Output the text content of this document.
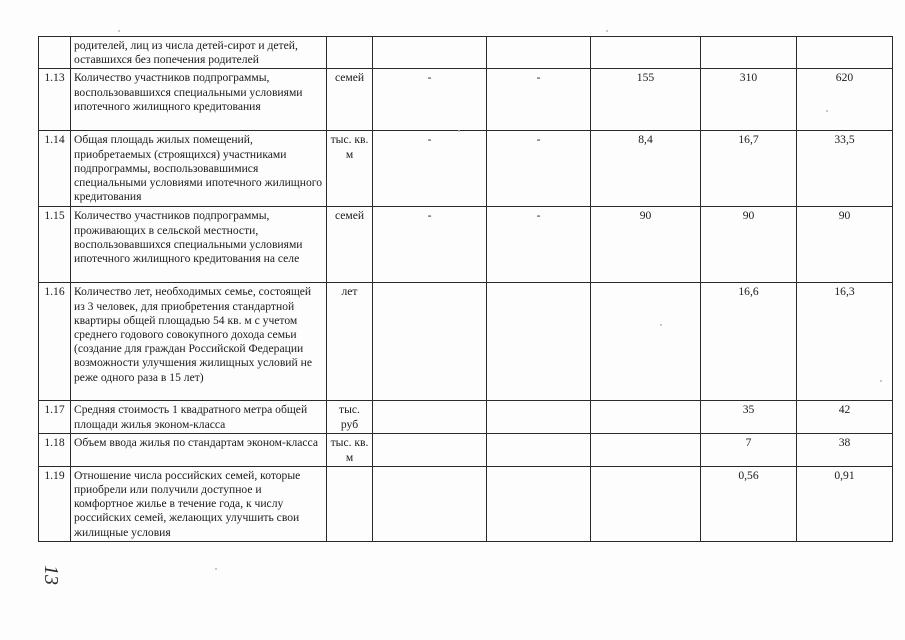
	родителей, лиц из числа детей-сирот и детей, оставшихся без попечения родителей						
1.13	Количество участников подпрограммы, воспользовавшихся специальными условиями ипотечного жилищного кредитования	семей	-	-	155	310	620
1.14	Общая площадь жилых помещений, приобретаемых (строящихся) участниками подпрограммы, воспользовавшимися специальными условиями ипотечного жилищного кредитования	тыс. кв. м	-	-	8,4	16,7	33,5
1.15	Количество участников подпрограммы, проживающих в сельской местности, воспользовавшихся специальными условиями ипотечного жилищного кредитования на селе	семей	-	-	90	90	90
1.16	Количество лет, необходимых семье, состоящей из 3 человек, для приобретения стандартной квартиры общей площадью 54 кв. м с учетом среднего годового совокупного дохода семьи (создание для граждан Российской Федерации возможности улучшения жилищных условий не реже одного раза в 15 лет)	лет				16,6	16,3
1.17	Средняя стоимость 1 квадратного метра общей площади жилья эконом-класса	тыс. руб				35	42
1.18	Объем ввода жилья по стандартам эконом-класса	тыс. кв. м				7	38
1.19	Отношение числа российских семей, которые приобрели или получили доступное и комфортное жилье в течение года, к числу российских семей, желающих улучшить свои жилищные условия					0,56	0,91
13
